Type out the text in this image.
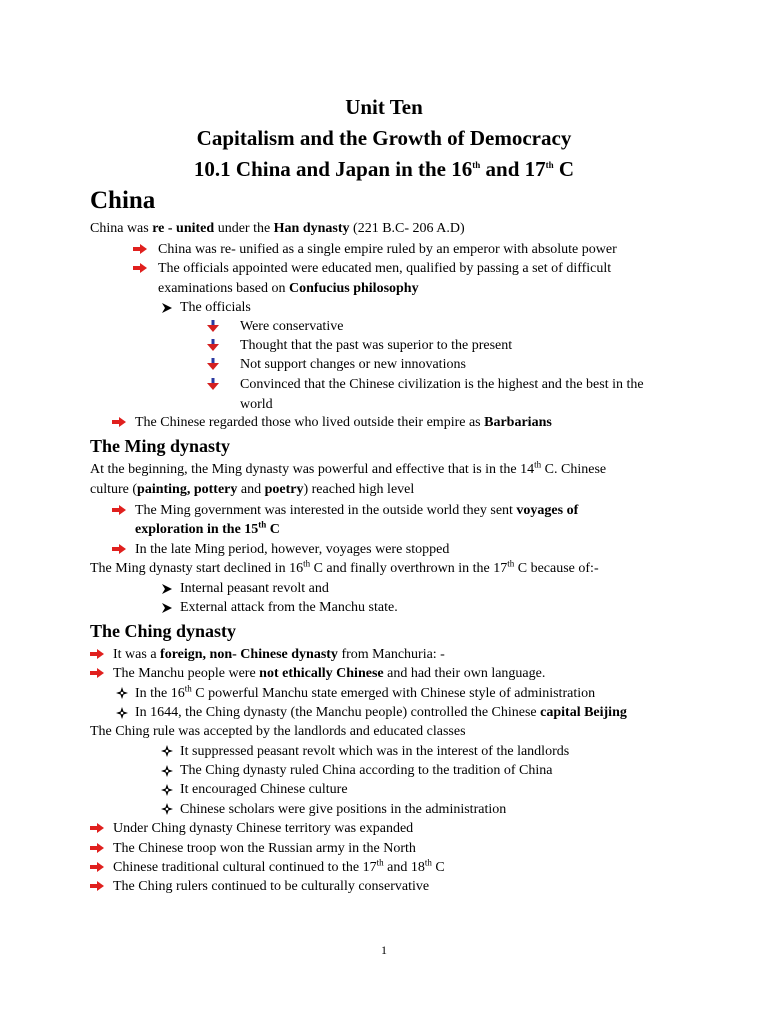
Unit Ten
Capitalism and the Growth of Democracy
10.1 China and Japan in the 16th and 17th C
China
China was re - united under the Han dynasty (221 B.C- 206 A.D)
China was re- unified as a single empire ruled by an emperor with absolute power
The officials appointed were educated men, qualified by passing a set of difficult
examinations based on Confucius philosophy
The officials
Were conservative
Thought that the past was superior to the present
Not support changes or new innovations
Convinced that the Chinese civilization is the highest and the best in the
world
The Chinese regarded those who lived outside their empire as Barbarians
The Ming dynasty
At the beginning, the Ming dynasty was powerful and effective that is in the 14th C. Chinese
culture (painting, pottery and poetry) reached high level
The Ming government was interested in the outside world they sent voyages of
exploration in the 15th C
In the late Ming period, however, voyages were stopped
The Ming dynasty start declined in 16th C and finally overthrown in the 17th C because of:-
Internal peasant revolt and
External attack from the Manchu state.
The Ching dynasty
It was a foreign, non- Chinese dynasty from Manchuria: -
The Manchu people were not ethically Chinese and had their own language.
In the 16th C powerful Manchu state emerged with Chinese style of administration
In 1644, the Ching dynasty (the Manchu people) controlled the Chinese capital Beijing
The Ching rule was accepted by the landlords and educated classes
It suppressed peasant revolt which was in the interest of the landlords
The Ching dynasty ruled China according to the tradition of China
It encouraged Chinese culture
Chinese scholars were give positions in the administration
Under Ching dynasty Chinese territory was expanded
The Chinese troop won the Russian army in the North
Chinese traditional cultural continued to the 17th and 18th C
The Ching rulers continued to be culturally conservative
1
